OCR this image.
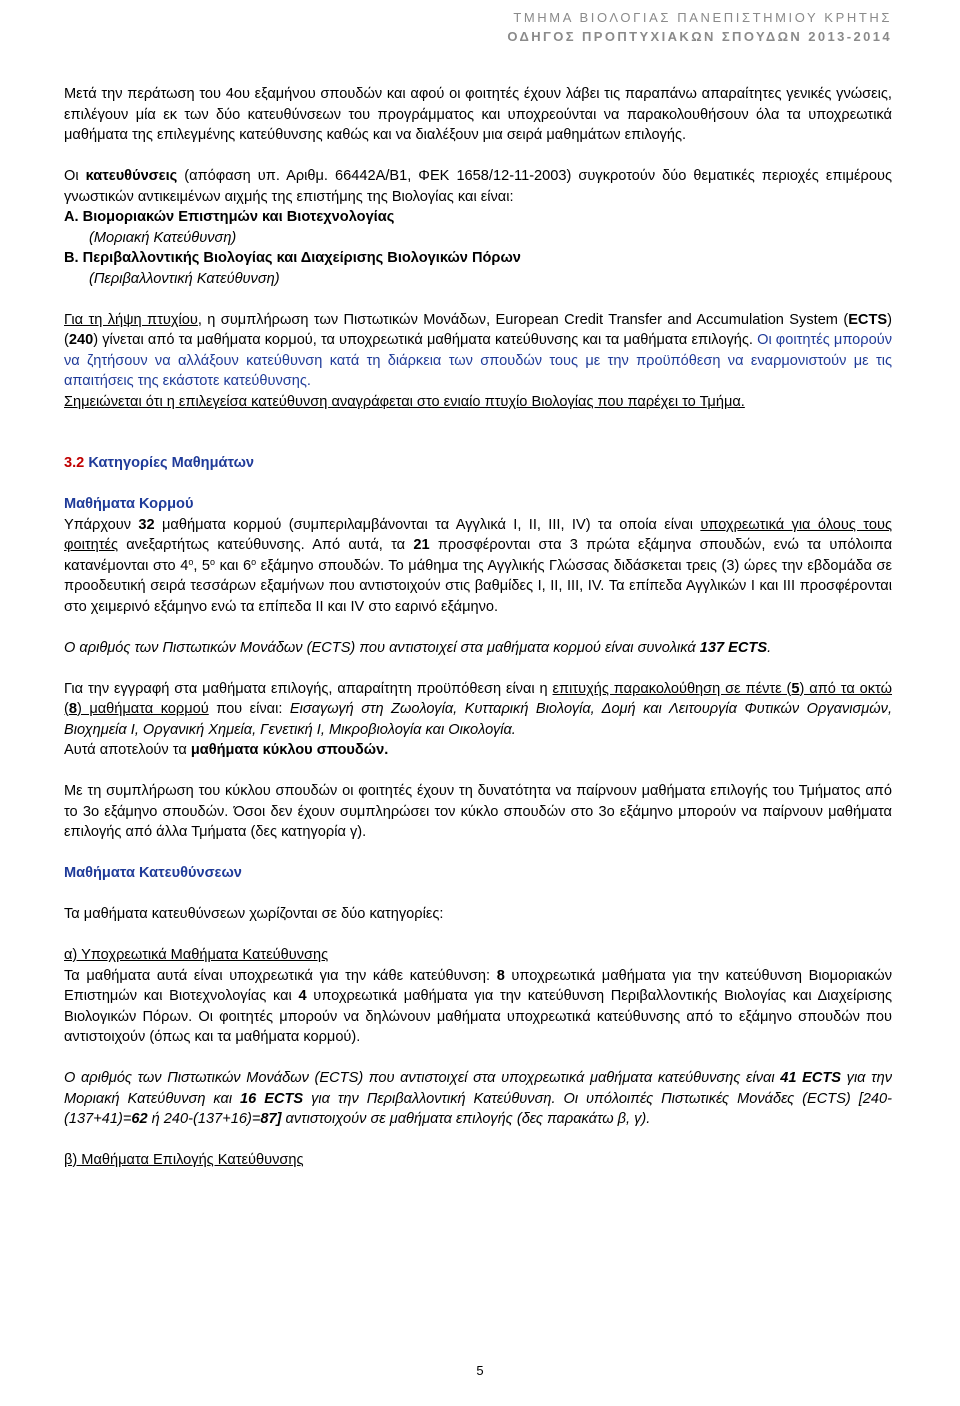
ΤΜΗΜΑ ΒΙΟΛΟΓΙΑΣ ΠΑΝΕΠΙΣΤΗΜΙΟΥ ΚΡΗΤΗΣ
ΟΔΗΓΟΣ ΠΡΟΠΤΥΧΙΑΚΩΝ ΣΠΟΥΔΩΝ 2013-2014

Μετά την περάτωση του 4ου εξαμήνου σπουδών και αφού οι φοιτητές έχουν λάβει τις παραπάνω απαραίτητες γενικές γνώσεις, επιλέγουν μία εκ των δύο κατευθύνσεων του προγράμματος και υποχρεούνται να παρακολουθήσουν όλα τα υποχρεωτικά μαθήματα της επιλεγμένης κατεύθυνσης καθώς και να διαλέξουν μια σειρά μαθημάτων επιλογής.

Οι κατευθύνσεις (απόφαση υπ. Αριθμ. 66442Α/Β1, ΦΕΚ 1658/12-11-2003) συγκροτούν δύο θεματικές περιοχές επιμέρους γνωστικών αντικειμένων αιχμής της επιστήμης της Βιολογίας και είναι:

Α. Βιομοριακών Επιστημών και Βιοτεχνολογίας
(Μοριακή Κατεύθυνση)
Β. Περιβαλλοντικής Βιολογίας και Διαχείρισης Βιολογικών Πόρων
(Περιβαλλοντική Κατεύθυνση)

Για τη λήψη πτυχίου, η συμπλήρωση των Πιστωτικών Μονάδων, European Credit Transfer and Accumulation System (ECTS) (240) γίνεται από τα μαθήματα κορμού, τα υποχρεωτικά μαθήματα κατεύθυνσης και τα μαθήματα επιλογής. Οι φοιτητές μπορούν να ζητήσουν να αλλάξουν κατεύθυνση κατά τη διάρκεια των σπουδών τους με την προϋπόθεση να εναρμονιστούν με τις απαιτήσεις της εκάστοτε κατεύθυνσης.

Σημειώνεται ότι η επιλεγείσα κατεύθυνση αναγράφεται στο ενιαίο πτυχίο Βιολογίας που παρέχει το Τμήμα.

3.2 Κατηγορίες Μαθημάτων
Μαθήματα Κορμού

Υπάρχουν 32 μαθήματα κορμού (συμπεριλαμβάνονται τα Αγγλικά Ι, ΙΙ, ΙΙΙ, ΙV) τα οποία είναι υποχρεωτικά για όλους τους φοιτητές ανεξαρτήτως κατεύθυνσης. Από αυτά, τα 21 προσφέρονται στα 3 πρώτα εξάμηνα σπουδών, ενώ τα υπόλοιπα κατανέμονται στο $4^o$, $5^o$ και $6^o$ εξάμηνο σπουδών. Το μάθημα της Αγγλικής Γλώσσας διδάσκεται τρεις (3) ώρες την εβδομάδα σε προοδευτική σειρά τεσσάρων εξαμήνων που αντιστοιχούν στις βαθμίδες Ι, ΙΙ, ΙΙΙ, ΙV. Τα επίπεδα Αγγλικών Ι και ΙΙΙ προσφέρονται στο χειμερινό εξάμηνο ενώ τα επίπεδα ΙΙ και ΙV στο εαρινό εξάμηνο.

Ο αριθμός των Πιστωτικών Μονάδων (ECTS) που αντιστοιχεί στα μαθήματα κορμού είναι συνολικά 137 ECTS.

Για την εγγραφή στα μαθήματα επιλογής, απαραίτητη προϋπόθεση είναι η επιτυχής παρακολούθηση σε πέντε (5) από τα οκτώ (8) μαθήματα κορμού που είναι: Εισαγωγή στη Ζωολογία, Κυτταρική Βιολογία, Δομή και Λειτουργία Φυτικών Οργανισμών, Βιοχημεία Ι, Οργανική Χημεία, Γενετική Ι, Μικροβιολογία και Οικολογία.

Αυτά αποτελούν τα μαθήματα κύκλου σπουδών.

Με τη συμπλήρωση του κύκλου σπουδών οι φοιτητές έχουν τη δυνατότητα να παίρνουν μαθήματα επιλογής του Τμήματος από το 3ο εξάμηνο σπουδών. Όσοι δεν έχουν συμπληρώσει τον κύκλο σπουδών στο 3ο εξάμηνο μπορούν να παίρνουν μαθήματα επιλογής από άλλα Τμήματα (δες κατηγορία γ).

Μαθήματα Κατευθύνσεων

Τα μαθήματα κατευθύνσεων χωρίζονται σε δύο κατηγορίες:

α) Υποχρεωτικά Μαθήματα Κατεύθυνσης

Τα μαθήματα αυτά είναι υποχρεωτικά για την κάθε κατεύθυνση: 8 υποχρεωτικά μαθήματα για την κατεύθυνση Βιομοριακών Επιστημών και Βιοτεχνολογίας και 4 υποχρεωτικά μαθήματα για την κατεύθυνση Περιβαλλοντικής Βιολογίας και Διαχείρισης Βιολογικών Πόρων. Οι φοιτητές μπορούν να δηλώνουν μαθήματα υποχρεωτικά κατεύθυνσης από το εξάμηνο σπουδών που αντιστοιχούν (όπως και τα μαθήματα κορμού).

Ο αριθμός των Πιστωτικών Μονάδων (ECTS) που αντιστοιχεί στα υποχρεωτικά μαθήματα κατεύθυνσης είναι 41 ECTS για την Μοριακή Κατεύθυνση και 16 ECTS για την Περιβαλλοντική Κατεύθυνση. Οι υπόλοιπές Πιστωτικές Μονάδες (ECTS) [240-(137+41)=62 ή 240-(137+16)=87] αντιστοιχούν σε μαθήματα επιλογής (δες παρακάτω β, γ).

β) Μαθήματα Επιλογής Κατεύθυνσης
5
